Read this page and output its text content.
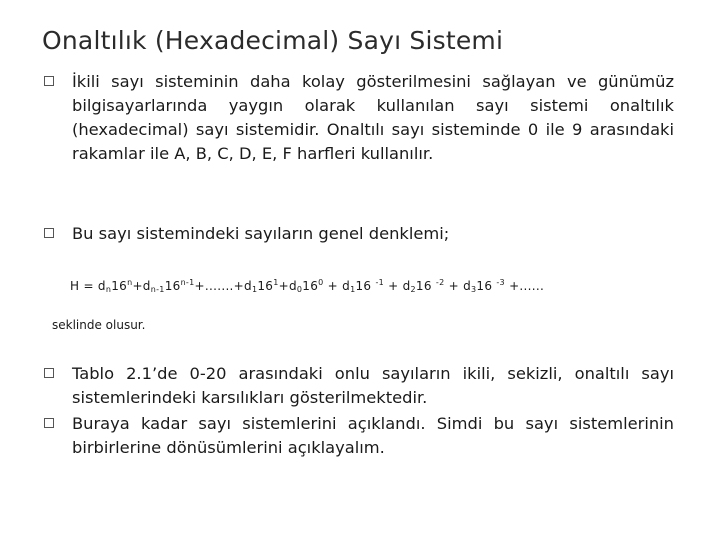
Onaltılık (Hexadecimal) Sayı Sistemi
İkili sayı sisteminin daha kolay gösterilmesini sağlayan ve günümüz bilgisayarlarında yaygın olarak kullanılan sayı sistemi onaltılık (hexadecimal) sayı sistemidir. Onaltılı sayı sisteminde 0 ile 9 arasındaki rakamlar ile A, B, C, D, E, F harfleri kullanılır.
Bu sayı sistemindeki sayıların genel denklemi;
$H = d_n16^n+d_{n-1}16^{n-1}+.......+d_116^1+d_016^0 + d_116$ $^{-1} + d_216$ $^{-2} + d_316$ $^{-3}$ +......
seklinde olusur.
Tablo 2.1’de 0-20 arasındaki onlu sayıların ikili, sekizli, onaltılı sayı sistemlerindeki karsılıkları gösterilmektedir.
Buraya kadar sayı sistemlerini açıklandı. Simdi bu sayı sistemlerinin birbirlerine dönüsümlerini açıklayalım.
